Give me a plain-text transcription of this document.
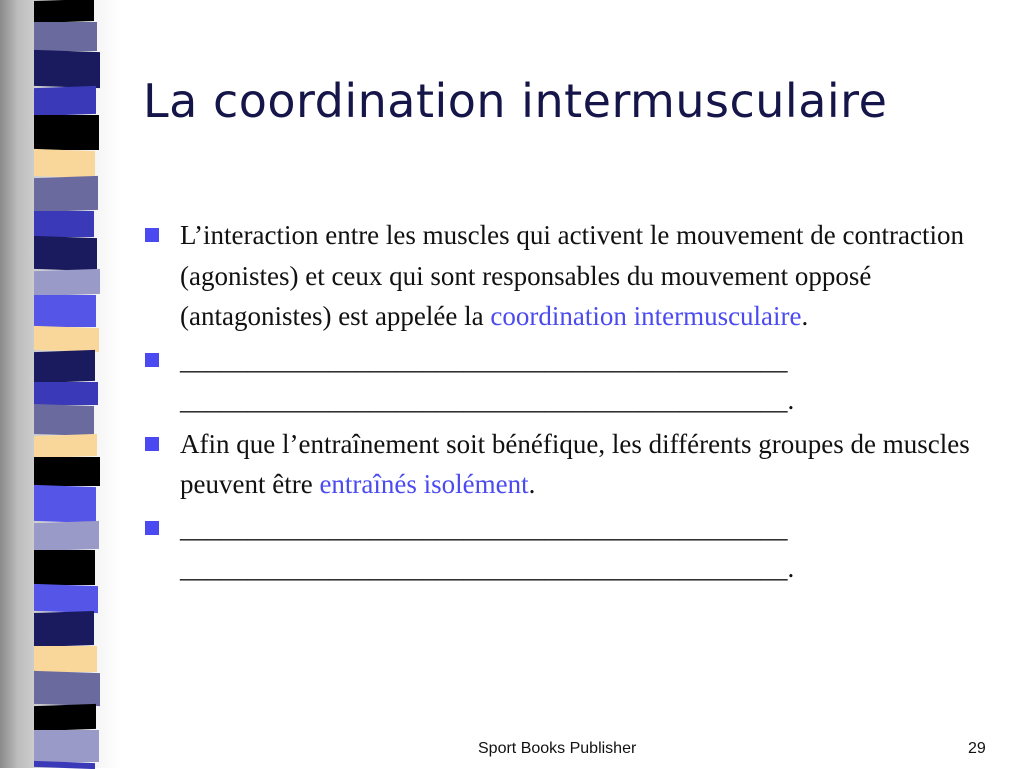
La coordination intermusculaire
L’interaction entre les muscles qui activent le mouvement de contraction (agonistes) et ceux qui sont responsables du mouvement opposé (antagonistes) est appelée la coordination intermusculaire.
_____________________________________________
_____________________________________________.
Afin que l’entraînement soit bénéfique, les différents groupes de muscles peuvent être entraînés isolément.
_____________________________________________
_____________________________________________.
Sport Books Publisher	29
